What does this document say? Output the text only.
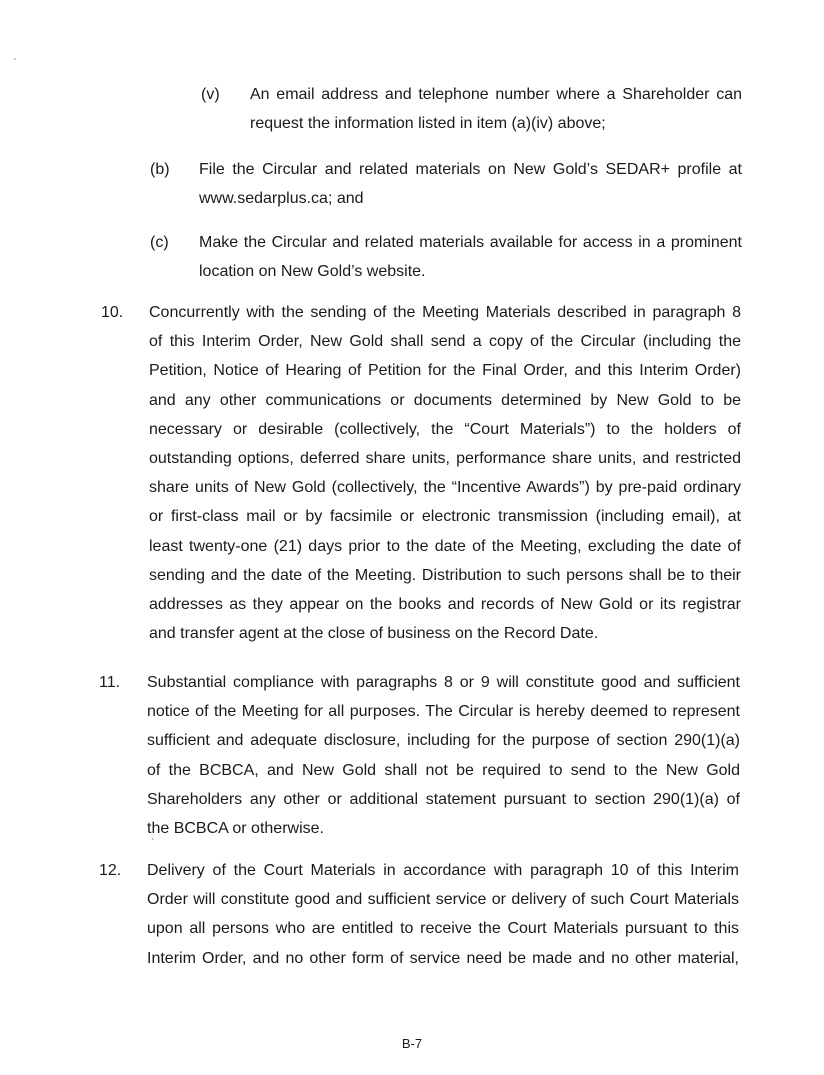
(v) An email address and telephone number where a Shareholder can
request the information listed in item (a)(iv) above;
(b) File the Circular and related materials on New Gold’s SEDAR+ profile at
www.sedarplus.ca; and
(c) Make the Circular and related materials available for access in a prominent
location on New Gold’s website.
10. Concurrently with the sending of the Meeting Materials described in paragraph 8
of this Interim Order, New Gold shall send a copy of the Circular (including the
Petition, Notice of Hearing of Petition for the Final Order, and this Interim Order)
and any other communications or documents determined by New Gold to be
necessary or desirable (collectively, the “Court Materials”) to the holders of
outstanding options, deferred share units, performance share units, and restricted
share units of New Gold (collectively, the “Incentive Awards”) by pre-paid ordinary
or first-class mail or by facsimile or electronic transmission (including email), at
least twenty-one (21) days prior to the date of the Meeting, excluding the date of
sending and the date of the Meeting. Distribution to such persons shall be to their
addresses as they appear on the books and records of New Gold or its registrar
and transfer agent at the close of business on the Record Date.
11. Substantial compliance with paragraphs 8 or 9 will constitute good and sufficient
notice of the Meeting for all purposes. The Circular is hereby deemed to represent
sufficient and adequate disclosure, including for the purpose of section 290(1)(a)
of the BCBCA, and New Gold shall not be required to send to the New Gold
Shareholders any other or additional statement pursuant to section 290(1)(a) of
the BCBCA or otherwise.
12. Delivery of the Court Materials in accordance with paragraph 10 of this Interim
Order will constitute good and sufficient service or delivery of such Court Materials
upon all persons who are entitled to receive the Court Materials pursuant to this
Interim Order, and no other form of service need be made and no other material,
B-7
